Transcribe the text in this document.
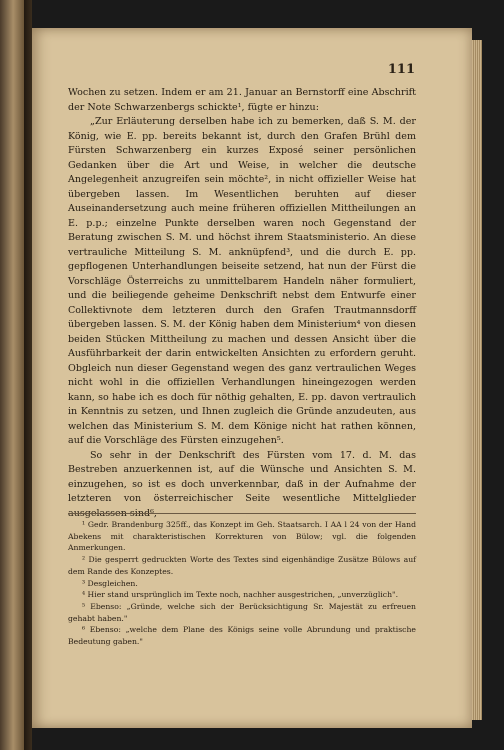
111

Wochen zu setzen. Indem er am 21. Januar an Bernstorff eine Abschrift der Note Schwarzenbergs schickte¹, fügte er hinzu:

„Zur Erläuterung derselben habe ich zu bemerken, daß S. M. der König, wie E. pp. bereits bekannt ist, durch den Grafen Brühl dem Fürsten Schwarzenberg ein kurzes Exposé seiner persönlichen Gedanken über die Art und Weise, in welcher die deutsche Angelegenheit anzugreifen sein möchte², in nicht offizieller Weise hat übergeben lassen. Im Wesentlichen beruhten auf dieser Auseinandersetzung auch meine früheren offiziellen Mittheilungen an E. p.p.; einzelne Punkte derselben waren noch Gegenstand der Beratung zwischen S. M. und höchst ihrem Staatsministerio. An diese vertrauliche Mitteilung S. M. anknüpfend³, und die durch E. pp. gepflogenen Unterhandlungen beiseite setzend, hat nun der Fürst die Vorschläge Österreichs zu unmittelbarem Handeln näher formuliert, und die beiliegende geheime Denkschrift nebst dem Entwurfe einer Collektivnote dem letzteren durch den Grafen Trautmannsdorff übergeben lassen. S. M. der König haben dem Ministerium⁴ von diesen beiden Stücken Mittheilung zu machen und dessen Ansicht über die Ausführbarkeit der darin entwickelten Ansichten zu erfordern geruht. Obgleich nun dieser Gegenstand wegen des ganz vertraulichen Weges nicht wohl in die offiziellen Verhandlungen hineingezogen werden kann, so habe ich es doch für nöthig gehalten, E. pp. davon vertraulich in Kenntnis zu setzen, und Ihnen zugleich die Gründe anzudeuten, aus welchen das Ministerium S. M. dem Könige nicht hat rathen können, auf die Vorschläge des Fürsten einzugehen⁵.

So sehr in der Denkschrift des Fürsten vom 17. d. M. das Bestreben anzuerkennen ist, auf die Wünsche und Ansichten S. M. einzugehen, so ist es doch unverkennbar, daß in der Aufnahme der letzteren von österreichischer Seite wesentliche Mittelglieder ausgelassen sind⁶,

¹ Gedr. Brandenburg 325ff., das Konzept im Geh. Staatsarch. I AA l 24 von der Hand Abekens mit charakteristischen Korrekturen von Bülow; vgl. die folgenden Anmerkungen.

² Die gesperrt gedruckten Worte des Textes sind eigenhändige Zusätze Bülows auf dem Rande des Konzeptes.

³ Desgleichen.

⁴ Hier stand ursprünglich im Texte noch, nachher ausgestrichen, „unverzüglich".

⁵ Ebenso: „Gründe, welche sich der Berücksichtigung Sr. Majestät zu erfreuen gehabt haben."

⁶ Ebenso: „welche dem Plane des Königs seine volle Abrundung und praktische Bedeutung gaben."
